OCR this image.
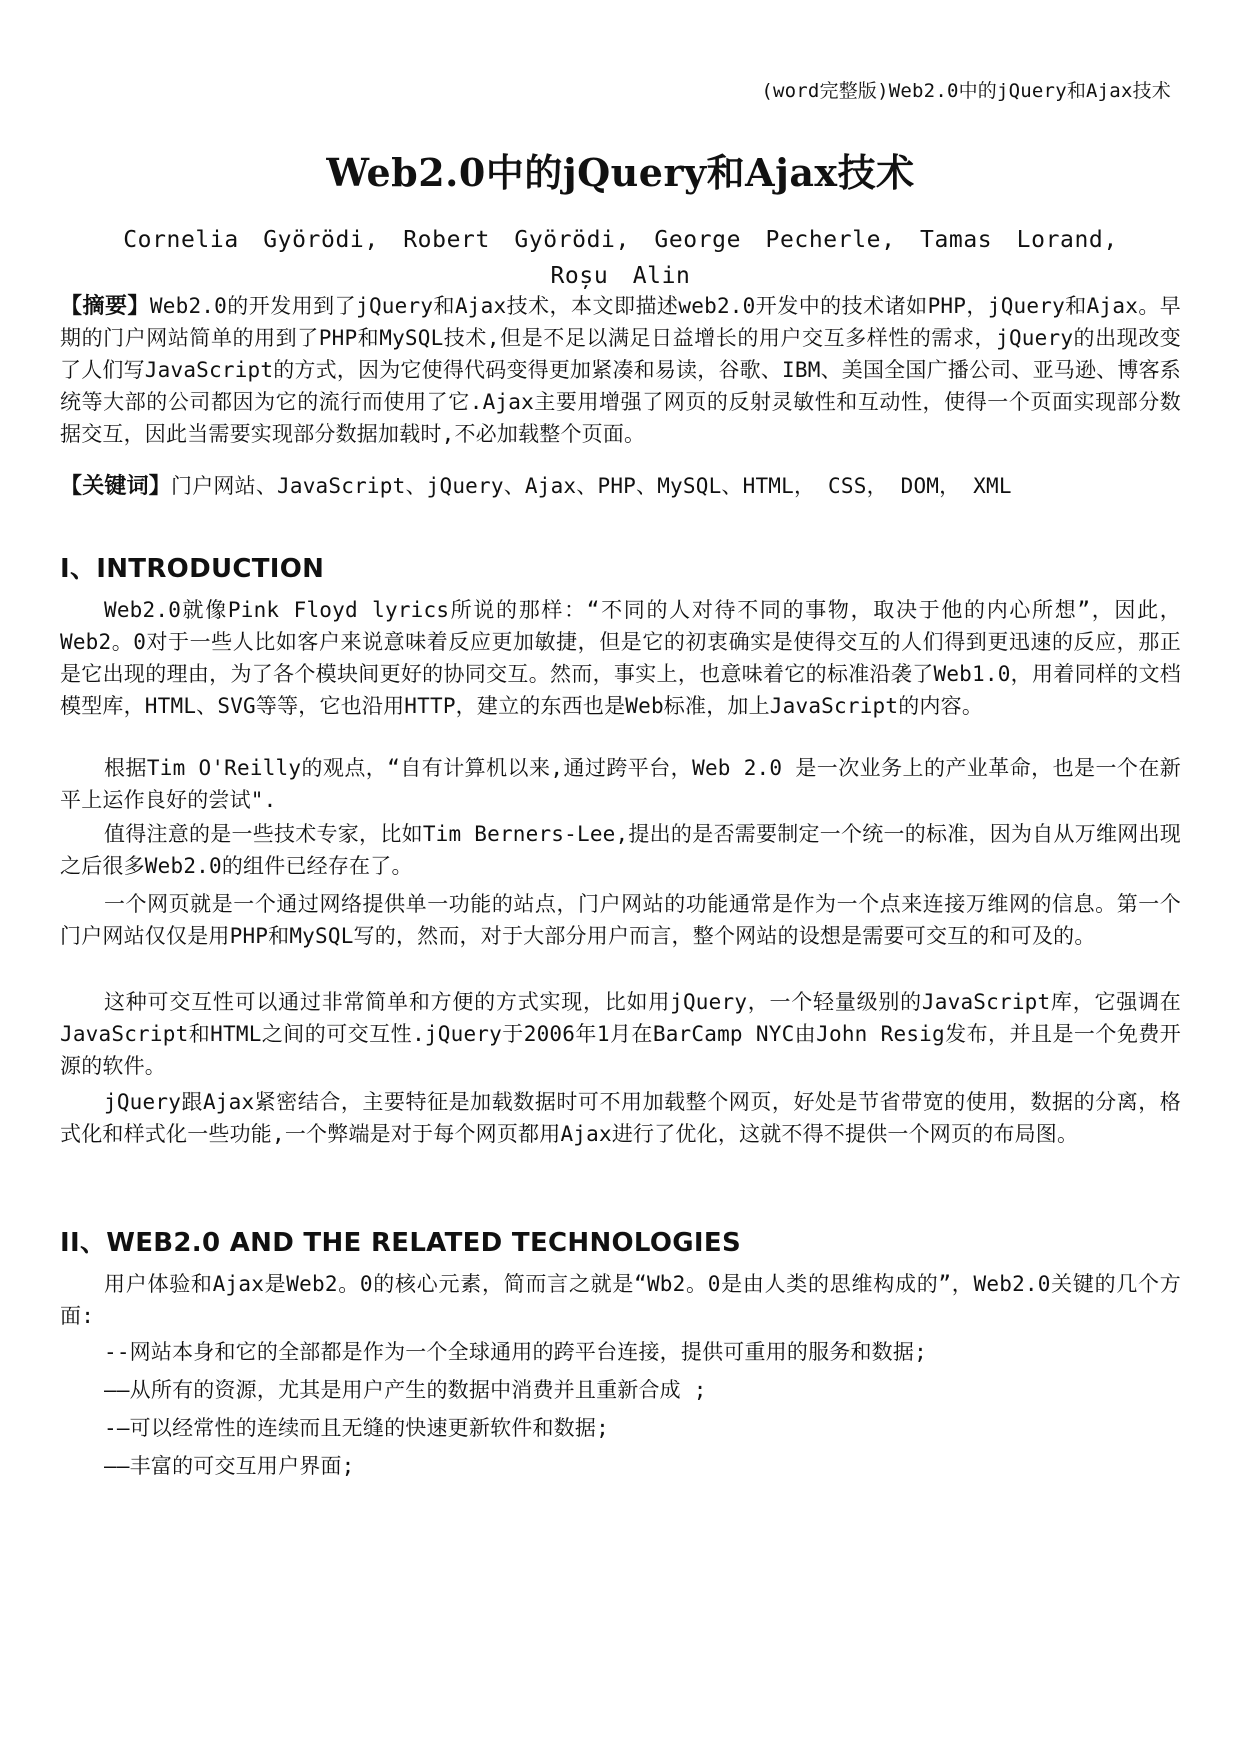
(word完整版)Web2.0中的jQuery和Ajax技术
Web2.0中的jQuery和Ajax技术
Cornelia Györödi, Robert Györödi, George Pecherle, Tamas Lorand,
Roșu Alin

【摘要】Web2.0的开发用到了jQuery和Ajax技术，本文即描述web2.0开发中的技术诸如PHP，jQuery和Ajax。早期的门户网站简单的用到了PHP和MySQL技术,但是不足以满足日益增长的用户交互多样性的需求，jQuery的出现改变了人们写JavaScript的方式，因为它使得代码变得更加紧凑和易读，谷歌、IBM、美国全国广播公司、亚马逊、博客系统等大部的公司都因为它的流行而使用了它.Ajax主要用增强了网页的反射灵敏性和互动性，使得一个页面实现部分数据交互，因此当需要实现部分数据加载时,不必加载整个页面。

【关键词】门户网站、JavaScript、jQuery、Ajax、PHP、MySQL、HTML， CSS， DOM， XML

I、INTRODUCTION

Web2.0就像Pink Floyd lyrics所说的那样：“不同的人对待不同的事物，取决于他的内心所想”，因此，Web2。0对于一些人比如客户来说意味着反应更加敏捷，但是它的初衷确实是使得交互的人们得到更迅速的反应，那正是它出现的理由，为了各个模块间更好的协同交互。然而，事实上，也意味着它的标准沿袭了Web1.0，用着同样的文档模型库，HTML、SVG等等，它也沿用HTTP，建立的东西也是Web标准，加上JavaScript的内容。

根据Tim O'Reilly的观点，“自有计算机以来,通过跨平台，Web 2.0 是一次业务上的产业革命，也是一个在新平上运作良好的尝试".

值得注意的是一些技术专家，比如Tim Berners-Lee,提出的是否需要制定一个统一的标准，因为自从万维网出现之后很多Web2.0的组件已经存在了。

一个网页就是一个通过网络提供单一功能的站点，门户网站的功能通常是作为一个点来连接万维网的信息。第一个门户网站仅仅是用PHP和MySQL写的，然而，对于大部分用户而言，整个网站的设想是需要可交互的和可及的。

这种可交互性可以通过非常简单和方便的方式实现，比如用jQuery，一个轻量级别的JavaScript库，它强调在JavaScript和HTML之间的可交互性.jQuery于2006年1月在BarCamp NYC由John Resig发布，并且是一个免费开源的软件。

jQuery跟Ajax紧密结合，主要特征是加载数据时可不用加载整个网页，好处是节省带宽的使用，数据的分离，格式化和样式化一些功能,一个弊端是对于每个网页都用Ajax进行了优化，这就不得不提供一个网页的布局图。

II、WEB2.0 AND THE RELATED TECHNOLOGIES

用户体验和Ajax是Web2。0的核心元素，简而言之就是“Wb2。0是由人类的思维构成的”，Web2.0关键的几个方面:

--网站本身和它的全部都是作为一个全球通用的跨平台连接，提供可重用的服务和数据;

——从所有的资源，尤其是用户产生的数据中消费并且重新合成 ;

-—可以经常性的连续而且无缝的快速更新软件和数据;

——丰富的可交互用户界面;
